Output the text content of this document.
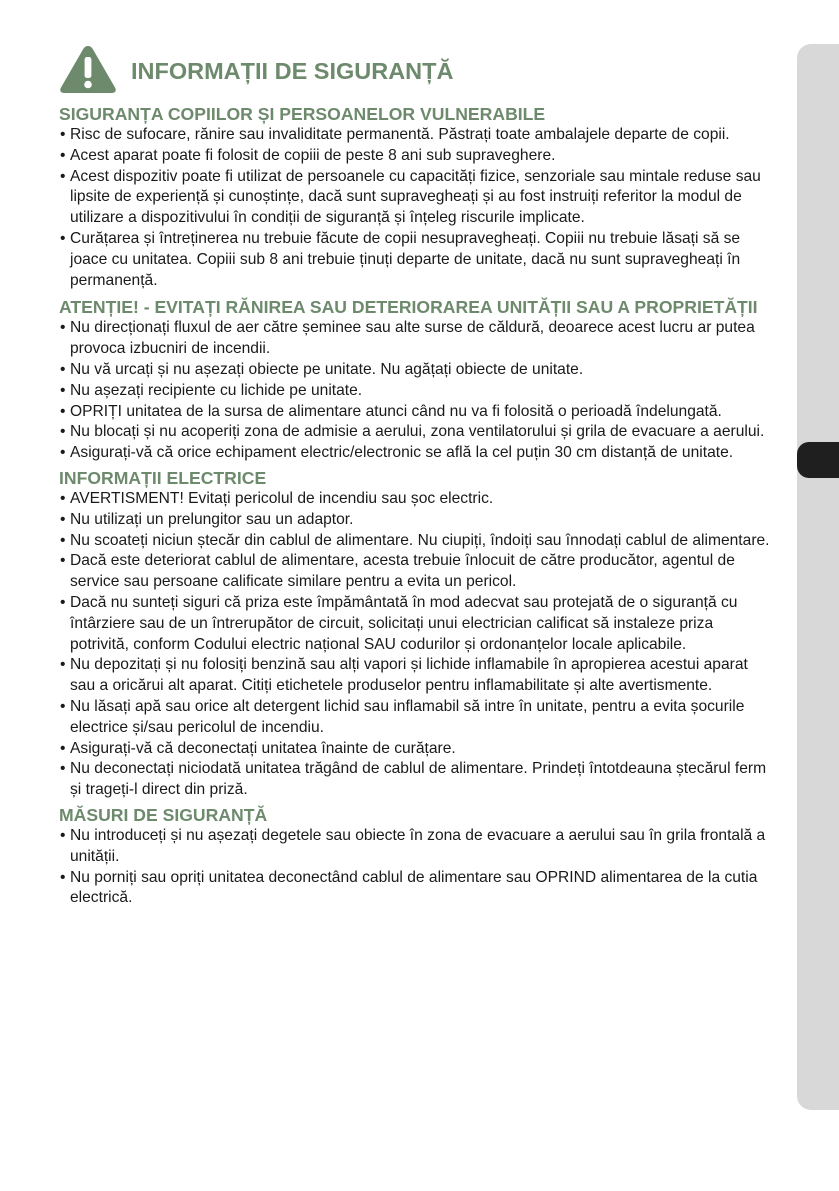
INFORMAȚII DE SIGURANȚĂ
SIGURANȚA COPIILOR ȘI PERSOANELOR VULNERABILE
• Risc de sufocare, rănire sau invaliditate permanentă. Păstrați toate ambalajele departe de copii.
• Acest aparat poate fi folosit de copiii de peste 8 ani sub supraveghere.
• Acest dispozitiv poate fi utilizat de persoanele cu capacități fizice, senzoriale sau mintale reduse sau lipsite de experiență și cunoștințe, dacă sunt supravegheați și au fost instruiți referitor la modul de utilizare a dispozitivului în condiții de siguranță și înțeleg riscurile implicate.
• Curățarea și întreținerea nu trebuie făcute de copii nesupravegheați. Copiii nu trebuie lăsați să se joace cu unitatea. Copiii sub 8 ani trebuie ținuți departe de unitate, dacă nu sunt supravegheați în permanență.
ATENȚIE! - EVITAȚI RĂNIREA SAU DETERIORAREA UNITĂȚII SAU A PROPRIETĂȚII
• Nu direcționați fluxul de aer către șeminee sau alte surse de căldură, deoarece acest lucru ar putea provoca izbucniri de incendii.
• Nu vă urcați și nu așezați obiecte pe unitate. Nu agățați obiecte de unitate.
• Nu așezați recipiente cu lichide pe unitate.
• OPRIȚI unitatea de la sursa de alimentare atunci când nu va fi folosită o perioadă îndelungată.
• Nu blocați și nu acoperiți zona de admisie a aerului, zona ventilatorului și grila de evacuare a aerului.
• Asigurați-vă că orice echipament electric/electronic se află la cel puțin 30 cm distanță de unitate.
INFORMAȚII ELECTRICE
• AVERTISMENT! Evitați pericolul de incendiu sau șoc electric.
• Nu utilizați un prelungitor sau un adaptor.
• Nu scoateți niciun ștecăr din cablul de alimentare. Nu ciupiți, îndoiți sau înnodați cablul de alimentare.
• Dacă este deteriorat cablul de alimentare, acesta trebuie înlocuit de către producător, agentul de service sau persoane calificate similare pentru a evita un pericol.
• Dacă nu sunteți siguri că priza este împământată în mod adecvat sau protejată de o siguranță cu întârziere sau de un întrerupător de circuit, solicitați unui electrician calificat să instaleze priza potrivită, conform Codului electric național SAU codurilor și ordonanțelor locale aplicabile.
• Nu depozitați și nu folosiți benzină sau alți vapori și lichide inflamabile în apropierea acestui aparat sau a oricărui alt aparat. Citiți etichetele produselor pentru inflamabilitate și alte avertismente.
• Nu lăsați apă sau orice alt detergent lichid sau inflamabil să intre în unitate, pentru a evita șocurile electrice și/sau pericolul de incendiu.
• Asigurați-vă că deconectați unitatea înainte de curățare.
• Nu deconectați niciodată unitatea trăgând de cablul de alimentare. Prindeți întotdeauna ștecărul ferm și trageți-l direct din priză.
MĂSURI DE SIGURANȚĂ
• Nu introduceți și nu așezați degetele sau obiecte în zona de evacuare a aerului sau în grila frontală a unității.
• Nu porniți sau opriți unitatea deconectând cablul de alimentare sau OPRIND alimentarea de la cutia electrică.
